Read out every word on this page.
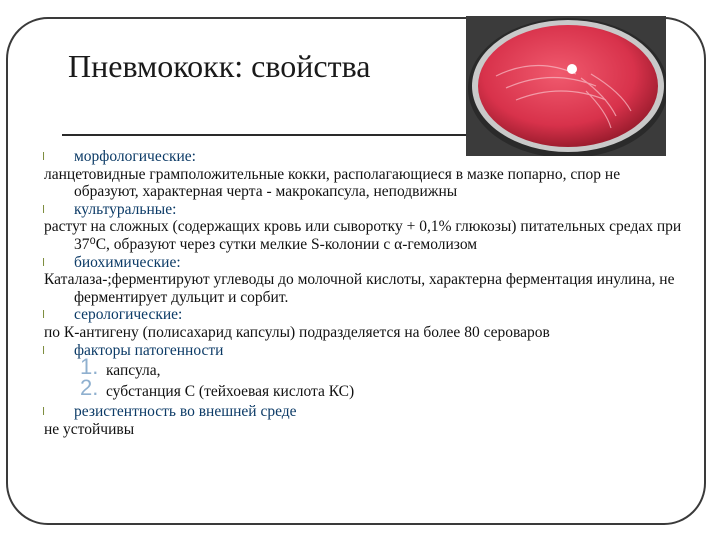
Пневмококк: свойства
l морфологические:
ланцетовидные грамположительные кокки, располагающиеся в мазке попарно, спор не образуют, характерная черта - макрокапсула, неподвижны
l культуральные:
растут на сложных (содержащих кровь или сыворотку + 0,1% глюкозы) питательных средах при 37⁰С, образуют через сутки мелкие S-колонии с α-гемолизом
l биохимические:
Каталаза-;ферментируют углеводы до молочной кислоты, характерна ферментация инулина, не ферментирует дульцит и сорбит.
l серологические:
по К-антигену (полисахарид капсулы) подразделяется на более 80 сероваров
l факторы патогенности
1. капсула,
2. субстанция С (тейхоевая кислота КС)
l резистентность во внешней среде
не устойчивы
